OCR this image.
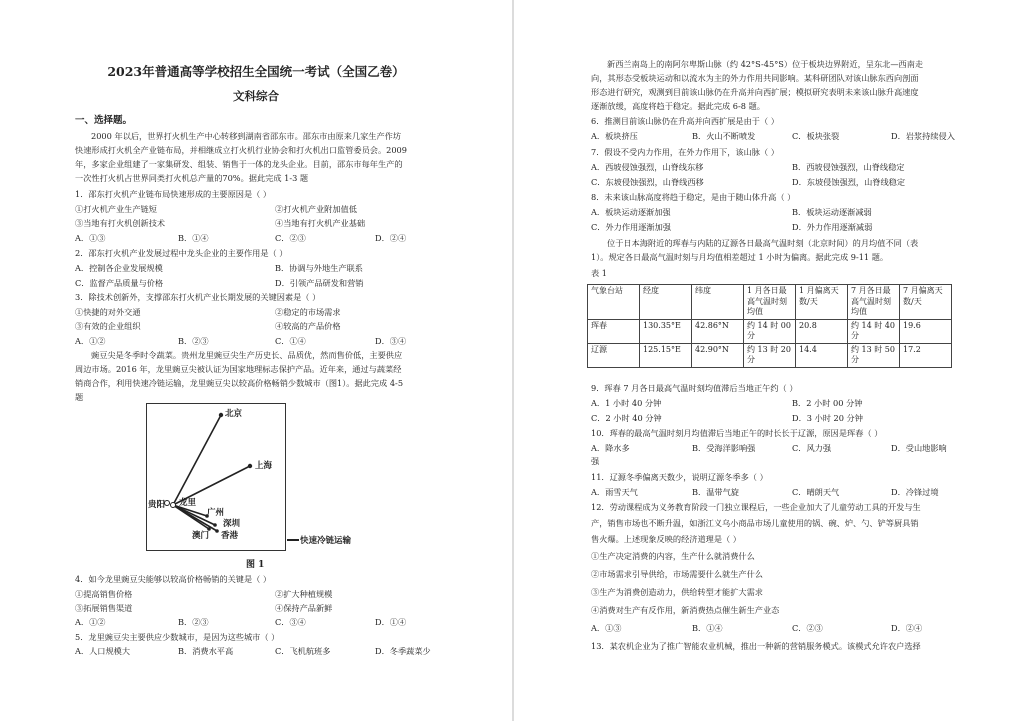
2023年普通高等学校招生全国统一考试（全国乙卷）
文科综合
一、选择题。
2000 年以后，世界打火机生产中心转移到湖南省邵东市。邵东市由原来几家生产作坊
快速形成打火机全产业链布局，并相继成立打火机行业协会和打火机出口监管委员会。2009
年，多家企业组建了一家集研发、组装、销售于一体的龙头企业。目前，邵东市每年生产的
一次性打火机占世界同类打火机总产量的70%。据此完成 1-3 题
1．邵东打火机产业链布局快速形成的主要原因是（ ）
①打火机产业生产链短	②打火机产业附加值低
③当地有打火机创新技术	④当地有打火机产业基础
A．①③	B．①④	C．②③	D．②④
2．邵东打火机产业发展过程中龙头企业的主要作用是（ ）
A．控制各企业发展规模	B．协调与外地生产联系
C．监督产品质量与价格	D．引领产品研发和营销
3．除技术创新外，支撑邵东打火机产业长期发展的关键因素是（ ）
①快捷的对外交通	②稳定的市场需求
③有效的企业组织	④较高的产品价格
A．①②	B．②③	C．①④	D．③④
豌豆尖是冬季时令蔬菜。贵州龙里豌豆尖生产历史长、品质优，然而售价低，主要供应
周边市场。2016 年，龙里豌豆尖被认证为国家地理标志保护产品。近年来，通过与蔬菜经
销商合作，利用快速冷链运输，龙里豌豆尖以较高价格畅销少数城市（图1）。据此完成 4-5
题
北京
上海
贵阳 龙里
广州
深圳
澳门 香港	快速冷链运输
图 1
4．如今龙里豌豆尖能够以较高价格畅销的关键是（ ）
①提高销售价格	②扩大种植规模
③拓展销售渠道	④保持产品新鲜
A．①②	B．②③	C．③④	D．①④
5．龙里豌豆尖主要供应少数城市，是因为这些城市（ ）
A．人口规模大	B．消费水平高	C．飞机航班多	D．冬季蔬菜少
新西兰南岛上的南阿尔卑斯山脉（约 42°S-45°S）位于板块边界附近，呈东北—西南走
向，其形态受板块运动和以流水为主的外力作用共同影响。某科研团队对该山脉东西向剖面
形态进行研究，观测到目前该山脉仍在升高并向西扩展；模拟研究表明未来该山脉升高速度
逐渐放缓，高度将趋于稳定。据此完成 6-8 题。
6．推测目前该山脉仍在升高并向西扩展是由于（ ）
A．板块挤压	B．火山不断喷发	C．板块张裂	D．岩浆持续侵入
7．假设不受内力作用，在外力作用下，该山脉（ ）
A．西坡侵蚀强烈，山脊线东移	B．西坡侵蚀强烈，山脊线稳定
C．东坡侵蚀强烈，山脊线西移	D．东坡侵蚀强烈，山脊线稳定
8．未来该山脉高度将趋于稳定，是由于随山体升高（ ）
A．板块运动逐渐加强	B．板块运动逐渐减弱
C．外力作用逐渐加强	D．外力作用逐渐减弱
位于日本海附近的珲春与内陆的辽源各日最高气温时刻（北京时间）的月均值不同（表
1）。规定各日最高气温时刻与月均值相差超过 1 小时为偏离。据此完成 9-11 题。
表 1
9．珲春 7 月各日最高气温时刻均值滞后当地正午约（ ）
A．1 小时 40 分钟	B．2 小时 00 分钟
C．2 小时 40 分钟	D．3 小时 20 分钟
10．珲春的最高气温时刻月均值滞后当地正午的时长长于辽源，原因是珲春（ ）
A．降水多	B．受海洋影响强	C．风力强	D．受山地影响
强
11．辽源冬季偏离天数少，说明辽源冬季多（ ）
A．雨雪天气	B．温带气旋	C．晴朗天气	D．冷锋过境
12．劳动课程成为义务教育阶段一门独立课程后，一些企业加大了儿童劳动工具的开发与生
产，销售市场也不断升温，如浙江义乌小商品市场儿童使用的锅、碗、炉、勺、铲等厨具销
售火爆。上述现象反映的经济道理是（ ）
①生产决定消费的内容，生产什么就消费什么
②市场需求引导供给，市场需要什么就生产什么
③生产为消费创造动力，供给转型才能扩大需求
④消费对生产有反作用，新消费热点催生新生产业态
A．①③	B．①④	C．②③	D．②④
13．某农机企业为了推广智能农业机械，推出一种新的营销服务模式。该模式允许农户选择
气象台站	经度	纬度	1 月各日最高气温时刻均值	1 月偏离天数/天	7 月各日最高气温时刻均值	7 月偏离天数/天
珲春	130.35°E	42.86°N	约 14 时 00 分	20.8	约 14 时 40 分	19.6
辽源	125.15°E	42.90°N	约 13 时 20 分	14.4	约 13 时 50 分	17.2
